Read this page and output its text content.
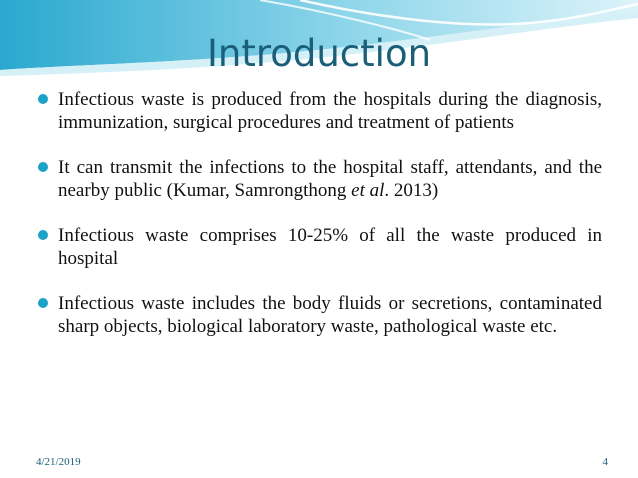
Introduction
Infectious waste is produced from the hospitals during the diagnosis, immunization, surgical procedures and treatment of patients
It can transmit the infections to the hospital staff, attendants, and the nearby public (Kumar, Samrongthong et al. 2013)
Infectious waste comprises 10-25% of all the waste produced in hospital
Infectious waste includes the body fluids or secretions, contaminated sharp objects, biological laboratory waste, pathological waste etc.
4/21/2019	4
